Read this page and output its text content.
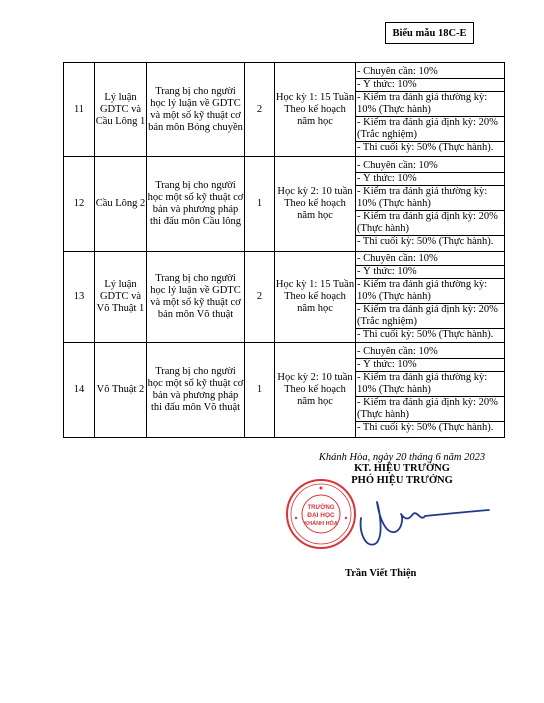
Biểu mẫu 18C-E
11	Lý luận GDTC và Cầu Lông 1	Trang bị cho người học lý luận về GDTC và một số kỹ thuật cơ bản môn Bóng chuyền	2	Học kỳ 1: 15 Tuần Theo kế hoạch năm học	- Chuyên cần: 10%
- Ý thức: 10%
- Kiểm tra đánh giá thường kỳ: 10% (Thực hành)
- Kiểm tra đánh giá định kỳ: 20% (Trắc nghiệm)
- Thi cuối kỳ: 50% (Thực hành).

12	Cầu Lông 2	Trang bị cho người học một số kỹ thuật cơ bản và phương pháp thi đấu môn Cầu lông	1	Học kỳ 2: 10 tuần Theo kế hoạch năm học	- Chuyên cần: 10%
- Ý thức: 10%
- Kiểm tra đánh giá thường kỳ: 10% (Thực hành)
- Kiểm tra đánh giá định kỳ: 20% (Thực hành)
- Thi cuối kỳ: 50% (Thực hành).

13	Lý luận GDTC và Võ Thuật 1	Trang bị cho người học lý luận về GDTC và một số kỹ thuật cơ bản môn Võ thuật	2	Học kỳ 1: 15 Tuần Theo kế hoạch năm học	- Chuyên cần: 10%
- Ý thức: 10%
- Kiểm tra đánh giá thường kỳ: 10% (Thực hành)
- Kiểm tra đánh giá định kỳ: 20% (Trắc nghiệm)
- Thi cuối kỳ: 50% (Thực hành).

14	Võ Thuật 2	Trang bị cho người học một số kỹ thuật cơ bản và phương pháp thi đấu môn Võ thuật	1	Học kỳ 2: 10 tuần Theo kế hoạch năm học	- Chuyên cần: 10%
- Ý thức: 10%
- Kiểm tra đánh giá thường kỳ: 10% (Thực hành)
- Kiểm tra đánh giá định kỳ: 20% (Thực hành)
- Thi cuối kỳ: 50% (Thực hành).
Khánh Hòa, ngày 20 tháng 6 năm 2023
KT. HIỆU TRƯỞNG
PHÓ HIỆU TRƯỞNG
TRƯỜNG
ĐẠI HỌC
KHÁNH HÒA
Trần Viết Thiện
